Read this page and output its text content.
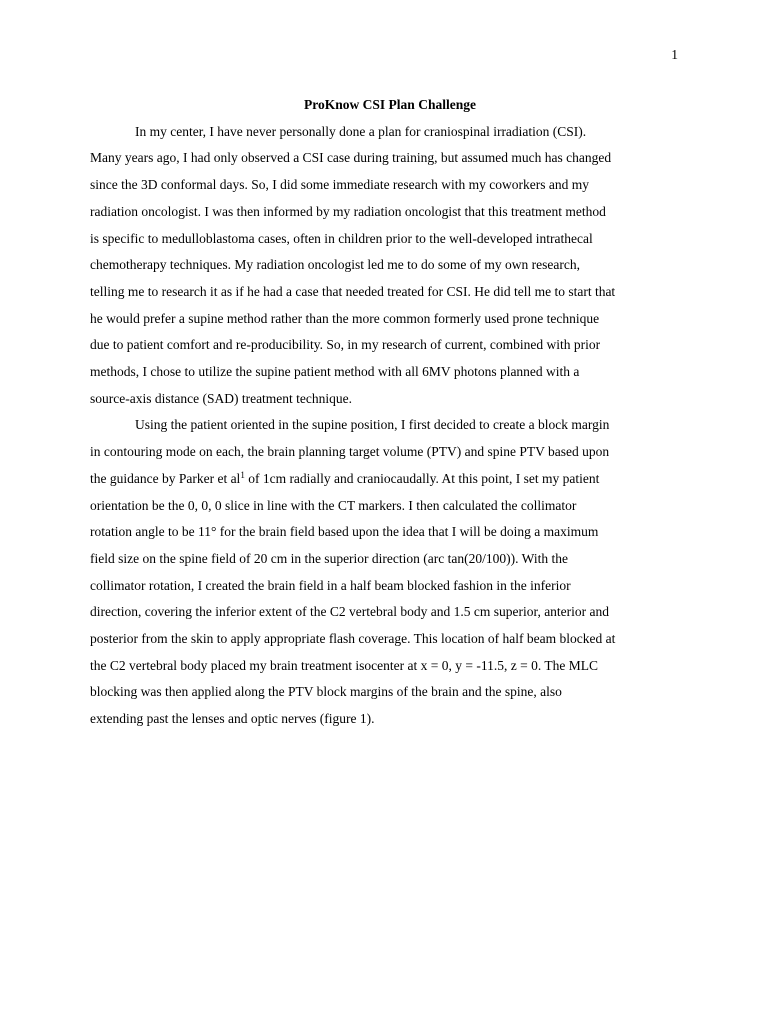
1

ProKnow CSI Plan Challenge

In my center, I have never personally done a plan for craniospinal irradiation (CSI).

Many years ago, I had only observed a CSI case during training, but assumed much has changed

since the 3D conformal days. So, I did some immediate research with my coworkers and my

radiation oncologist. I was then informed by my radiation oncologist that this treatment method

is specific to medulloblastoma cases, often in children prior to the well-developed intrathecal

chemotherapy techniques. My radiation oncologist led me to do some of my own research,

telling me to research it as if he had a case that needed treated for CSI. He did tell me to start that

he would prefer a supine method rather than the more common formerly used prone technique

due to patient comfort and re-producibility. So, in my research of current, combined with prior

methods, I chose to utilize the supine patient method with all 6MV photons planned with a

source-axis distance (SAD) treatment technique.

Using the patient oriented in the supine position, I first decided to create a block margin

in contouring mode on each, the brain planning target volume (PTV) and spine PTV based upon

the guidance by Parker et $al^1$ of 1cm radially and craniocaudally. At this point, I set my patient

orientation be the 0, 0, 0 slice in line with the CT markers. I then calculated the collimator

rotation angle to be 11° for the brain field based upon the idea that I will be doing a maximum

field size on the spine field of 20 cm in the superior direction (arc tan(20/100)). With the

collimator rotation, I created the brain field in a half beam blocked fashion in the inferior

direction, covering the inferior extent of the C2 vertebral body and 1.5 cm superior, anterior and

posterior from the skin to apply appropriate flash coverage. This location of half beam blocked at

the C2 vertebral body placed my brain treatment isocenter at x = 0, y = -11.5, z = 0. The MLC

blocking was then applied along the PTV block margins of the brain and the spine, also

extending past the lenses and optic nerves (figure 1).
